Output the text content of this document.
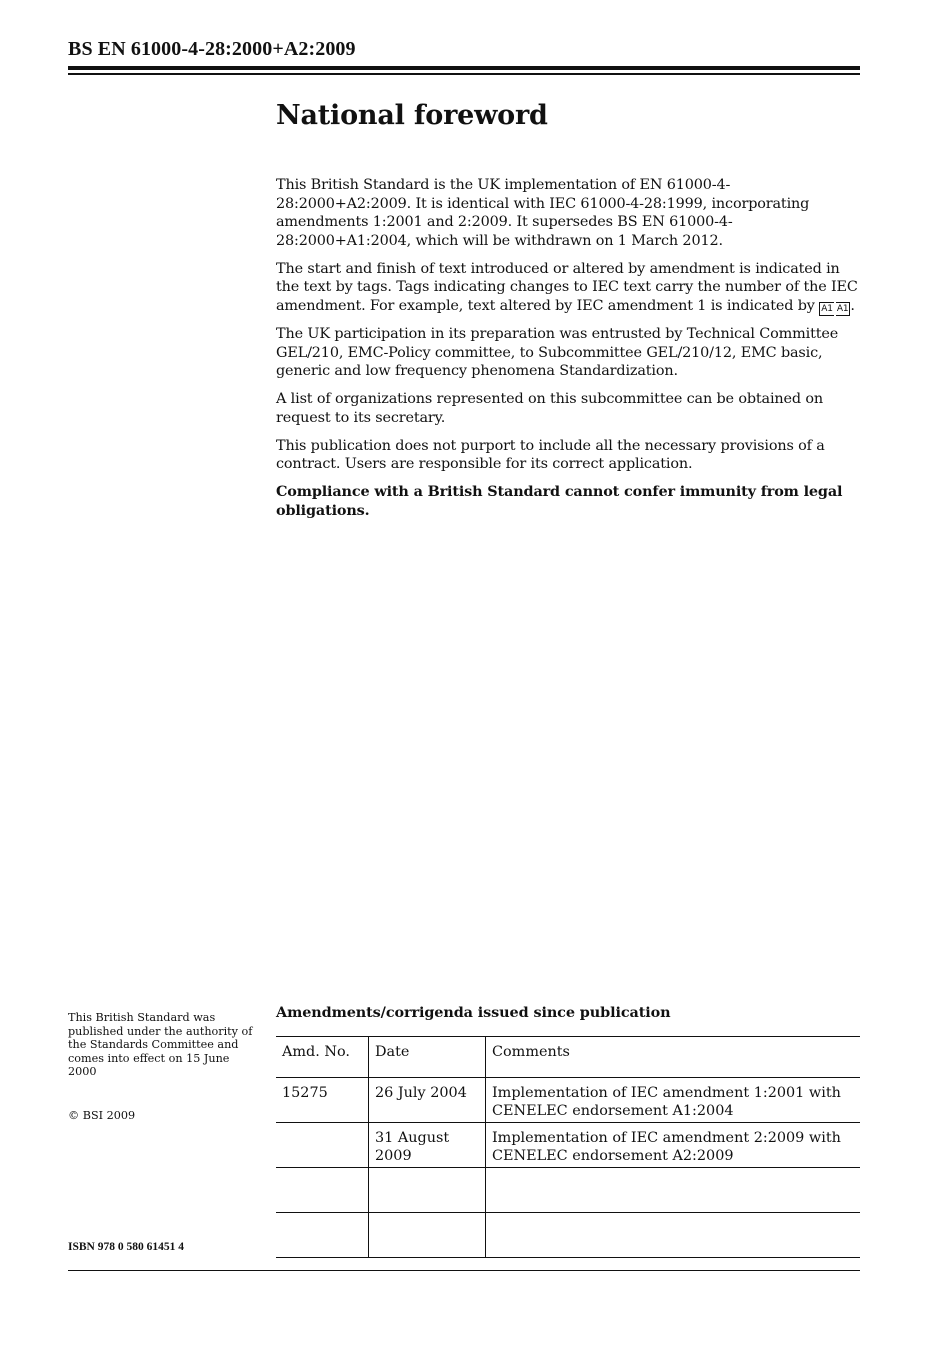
BS EN 61000-4-28:2000+A2:2009
National foreword

This British Standard is the UK implementation of EN 61000-4-28:2000+A2:2009. It is identical with IEC 61000-4-28:1999, incorporating amendments 1:2001 and 2:2009. It supersedes BS EN 61000-4-28:2000+A1:2004, which will be withdrawn on 1 March 2012.

The start and finish of text introduced or altered by amendment is indicated in the text by tags. Tags indicating changes to IEC text carry the number of the IEC amendment. For example, text altered by IEC amendment 1 is indicated by A1 A1 .

The UK participation in its preparation was entrusted by Technical Committee GEL/210, EMC-Policy committee, to Subcommittee GEL/210/12, EMC basic, generic and low frequency phenomena Standardization.

A list of organizations represented on this subcommittee can be obtained on request to its secretary.

This publication does not purport to include all the necessary provisions of a contract. Users are responsible for its correct application.

Compliance with a British Standard cannot confer immunity from legal obligations.

This British Standard was published under the authority of the Standards Committee and comes into effect on 15 June 2000
© BSI 2009
ISBN 978 0 580 61451 4
Amendments/corrigenda issued since publication
Amd. No.	Date	Comments
15275	26 July 2004	Implementation of IEC amendment 1:2001 with CENELEC endorsement A1:2004
	31 August 2009	Implementation of IEC amendment 2:2009 with CENELEC endorsement A2:2009
